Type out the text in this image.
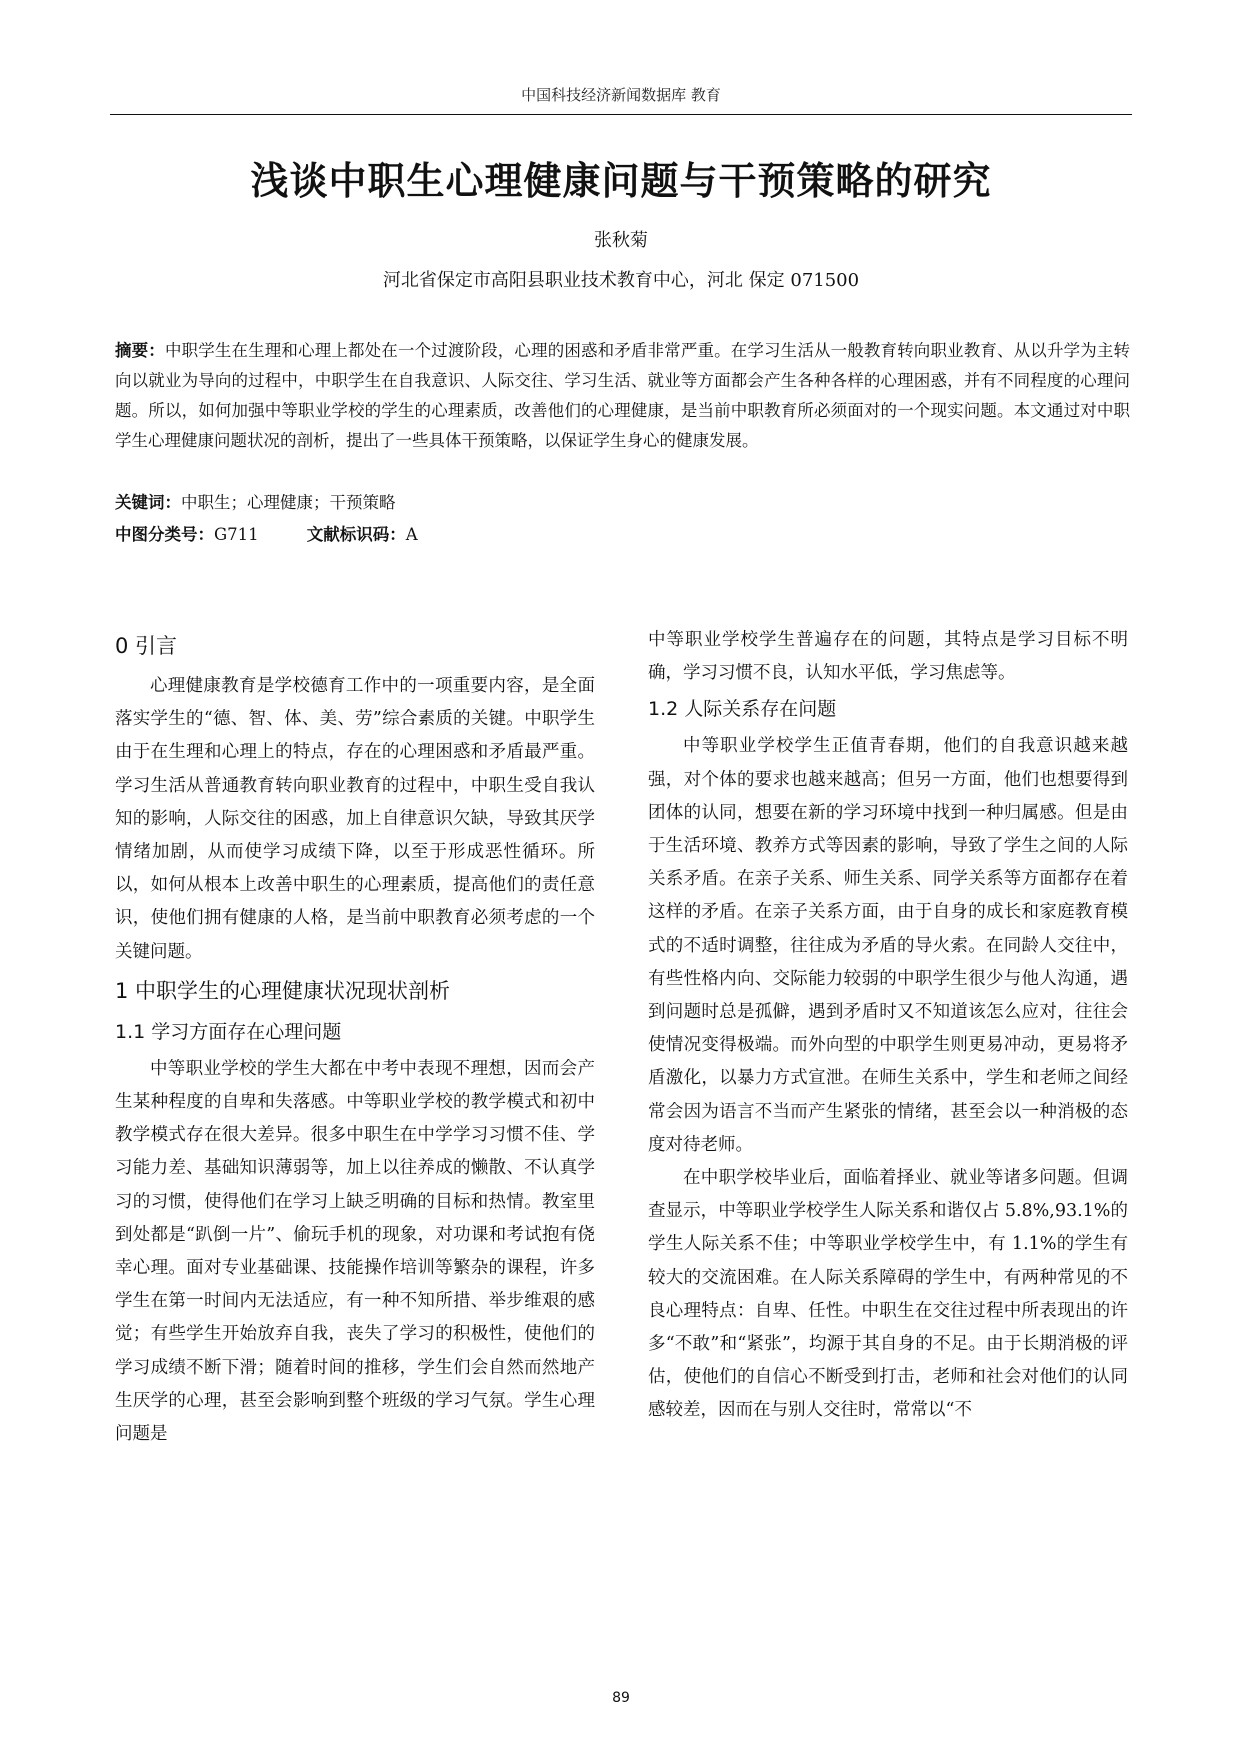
中国科技经济新闻数据库 教育
浅谈中职生心理健康问题与干预策略的研究
张秋菊
河北省保定市高阳县职业技术教育中心，河北 保定 071500
摘要：中职学生在生理和心理上都处在一个过渡阶段，心理的困惑和矛盾非常严重。在学习生活从一般教育转向职业教育、从以升学为主转向以就业为导向的过程中，中职学生在自我意识、人际交往、学习生活、就业等方面都会产生各种各样的心理困惑，并有不同程度的心理问题。所以，如何加强中等职业学校的学生的心理素质，改善他们的心理健康，是当前中职教育所必须面对的一个现实问题。本文通过对中职学生心理健康问题状况的剖析，提出了一些具体干预策略，以保证学生身心的健康发展。
关键词：中职生；心理健康；干预策略
中图分类号：G711	文献标识码：A
0 引言

心理健康教育是学校德育工作中的一项重要内容，是全面落实学生的“德、智、体、美、劳”综合素质的关键。中职学生由于在生理和心理上的特点，存在的心理困惑和矛盾最严重。学习生活从普通教育转向职业教育的过程中，中职生受自我认知的影响，人际交往的困惑，加上自律意识欠缺，导致其厌学情绪加剧，从而使学习成绩下降，以至于形成恶性循环。所以，如何从根本上改善中职生的心理素质，提高他们的责任意识，使他们拥有健康的人格，是当前中职教育必须考虑的一个关键问题。

1 中职学生的心理健康状况现状剖析
1.1 学习方面存在心理问题

中等职业学校的学生大都在中考中表现不理想，因而会产生某种程度的自卑和失落感。中等职业学校的教学模式和初中教学模式存在很大差异。很多中职生在中学学习习惯不佳、学习能力差、基础知识薄弱等，加上以往养成的懒散、不认真学习的习惯，使得他们在学习上缺乏明确的目标和热情。教室里到处都是“趴倒一片”、偷玩手机的现象，对功课和考试抱有侥幸心理。面对专业基础课、技能操作培训等繁杂的课程，许多学生在第一时间内无法适应，有一种不知所措、举步维艰的感觉；有些学生开始放弃自我，丧失了学习的积极性，使他们的学习成绩不断下滑；随着时间的推移，学生们会自然而然地产生厌学的心理，甚至会影响到整个班级的学习气氛。学生心理问题是

中等职业学校学生普遍存在的问题，其特点是学习目标不明确，学习习惯不良，认知水平低，学习焦虑等。

1.2 人际关系存在问题

中等职业学校学生正值青春期，他们的自我意识越来越强，对个体的要求也越来越高；但另一方面，他们也想要得到团体的认同，想要在新的学习环境中找到一种归属感。但是由于生活环境、教养方式等因素的影响，导致了学生之间的人际关系矛盾。在亲子关系、师生关系、同学关系等方面都存在着这样的矛盾。在亲子关系方面，由于自身的成长和家庭教育模式的不适时调整，往往成为矛盾的导火索。在同龄人交往中，有些性格内向、交际能力较弱的中职学生很少与他人沟通，遇到问题时总是孤僻，遇到矛盾时又不知道该怎么应对，往往会使情况变得极端。而外向型的中职学生则更易冲动，更易将矛盾激化，以暴力方式宣泄。在师生关系中，学生和老师之间经常会因为语言不当而产生紧张的情绪，甚至会以一种消极的态度对待老师。

在中职学校毕业后，面临着择业、就业等诸多问题。但调查显示，中等职业学校学生人际关系和谐仅占 5.8%,93.1%的学生人际关系不佳；中等职业学校学生中，有 1.1%的学生有较大的交流困难。在人际关系障碍的学生中，有两种常见的不良心理特点：自卑、任性。中职生在交往过程中所表现出的许多“不敢”和“紧张”，均源于其自身的不足。由于长期消极的评估，使他们的自信心不断受到打击，老师和社会对他们的认同感较差，因而在与别人交往时，常常以“不

89
